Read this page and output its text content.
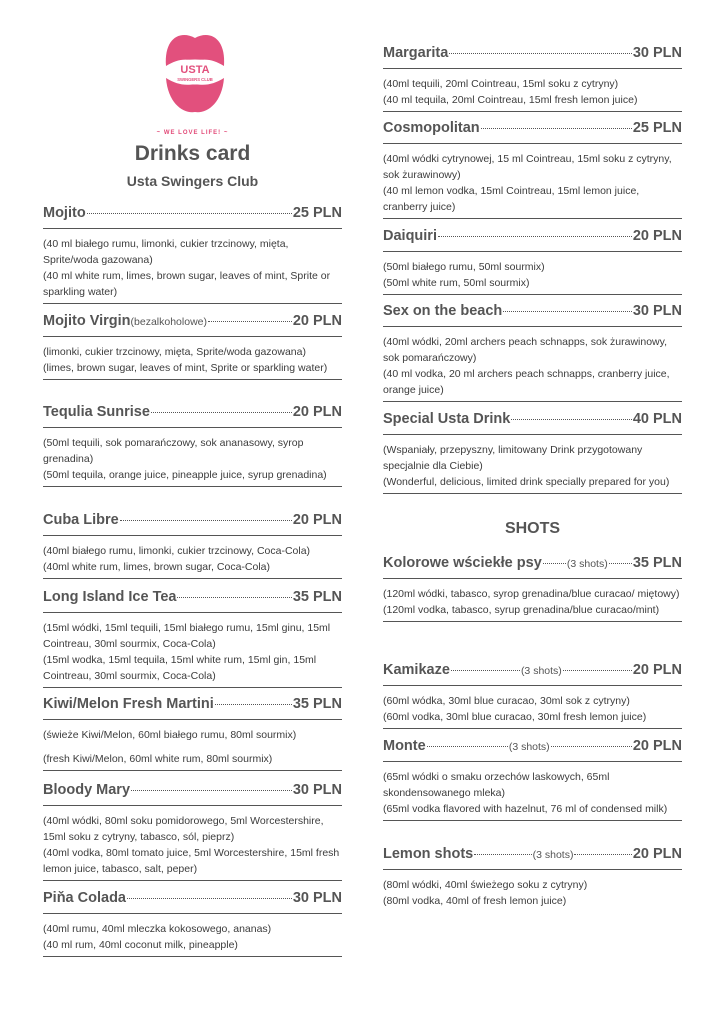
USTA
SWINGERS CLUB
~ WE LOVE LIFE! ~
Drinks card
Usta Swingers Club
Mojito	25 PLN

(40 ml białego rumu, limonki, cukier trzcinowy, mięta, Sprite/woda gazowana)

(40 ml white rum, limes, brown sugar, leaves of mint, Sprite or sparkling water)

Mojito Virgin (bezalkoholowe)	20 PLN

(limonki, cukier trzcinowy, mięta, Sprite/woda gazowana)

(limes, brown sugar, leaves of mint, Sprite or sparkling water)

Tequlia Sunrise	20 PLN

(50ml tequili, sok pomarańczowy, sok ananasowy, syrop grenadina)

(50ml tequila, orange juice, pineapple juice, syrup grenadina)

Cuba Libre	20 PLN

(40ml białego rumu, limonki, cukier trzcinowy, Coca-Cola)

(40ml white rum, limes, brown sugar, Coca-Cola)

Long Island Ice Tea	35 PLN

(15ml wódki, 15ml tequili, 15ml białego rumu, 15ml ginu, 15ml Cointreau, 30ml sourmix, Coca-Cola)

(15ml wodka, 15ml tequila, 15ml white rum, 15ml gin, 15ml Cointreau, 30ml sourmix, Coca-Cola)

Kiwi/Melon Fresh Martini	35 PLN

(świeże Kiwi/Melon, 60ml białego rumu, 80ml sourmix)

(fresh Kiwi/Melon, 60ml white rum, 80ml sourmix)

Bloody Mary	30 PLN

(40ml wódki, 80ml soku pomidorowego, 5ml Worcestershire, 15ml soku z cytryny, tabasco, sól, pieprz)

(40ml vodka, 80ml tomato juice, 5ml Worcestershire, 15ml fresh lemon juice, tabasco, salt, peper)

Piňa Colada	30 PLN

(40ml rumu, 40ml mleczka kokosowego, ananas)

(40 ml rum, 40ml coconut milk, pineapple)

Margarita	30 PLN

(40ml tequili, 20ml Cointreau, 15ml soku z cytryny)

(40 ml tequila, 20ml Cointreau, 15ml fresh lemon juice)

Cosmopolitan	25 PLN

(40ml wódki cytrynowej, 15 ml Cointreau, 15ml soku z cytryny, sok żurawinowy)

(40 ml lemon vodka, 15ml Cointreau, 15ml lemon juice, cranberry juice)

Daiquiri	20 PLN

(50ml białego rumu, 50ml sourmix)

(50ml white rum, 50ml sourmix)

Sex on the beach	30 PLN

(40ml wódki, 20ml archers peach schnapps, sok żurawinowy, sok pomarańczowy)

(40 ml vodka, 20 ml archers peach schnapps, cranberry juice, orange juice)

Special Usta Drink	40 PLN

(Wspaniały, przepyszny, limitowany Drink przygotowany specjalnie dla Ciebie)

(Wonderful, delicious, limited drink specially prepared for you)

SHOTS
Kolorowe wściekłe psy (3 shots) 35 PLN

(120ml wódki, tabasco, syrop grenadina/blue curacao/ miętowy)

(120ml vodka, tabasco, syrup grenadina/blue curacao/mint)

Kamikaze	(3 shots)	20 PLN

(60ml wódka, 30ml blue curacao, 30ml sok z cytryny)

(60ml vodka, 30ml blue curacao, 30ml fresh lemon juice)

Monte	(3 shots)	20 PLN

(65ml wódki o smaku orzechów laskowych, 65ml skondensowanego mleka)

(65ml vodka flavored with hazelnut, 76 ml of condensed milk)

Lemon shots	(3 shots)	20 PLN

(80ml wódki, 40ml świeżego soku z cytryny)

(80ml vodka, 40ml of fresh lemon juice)
